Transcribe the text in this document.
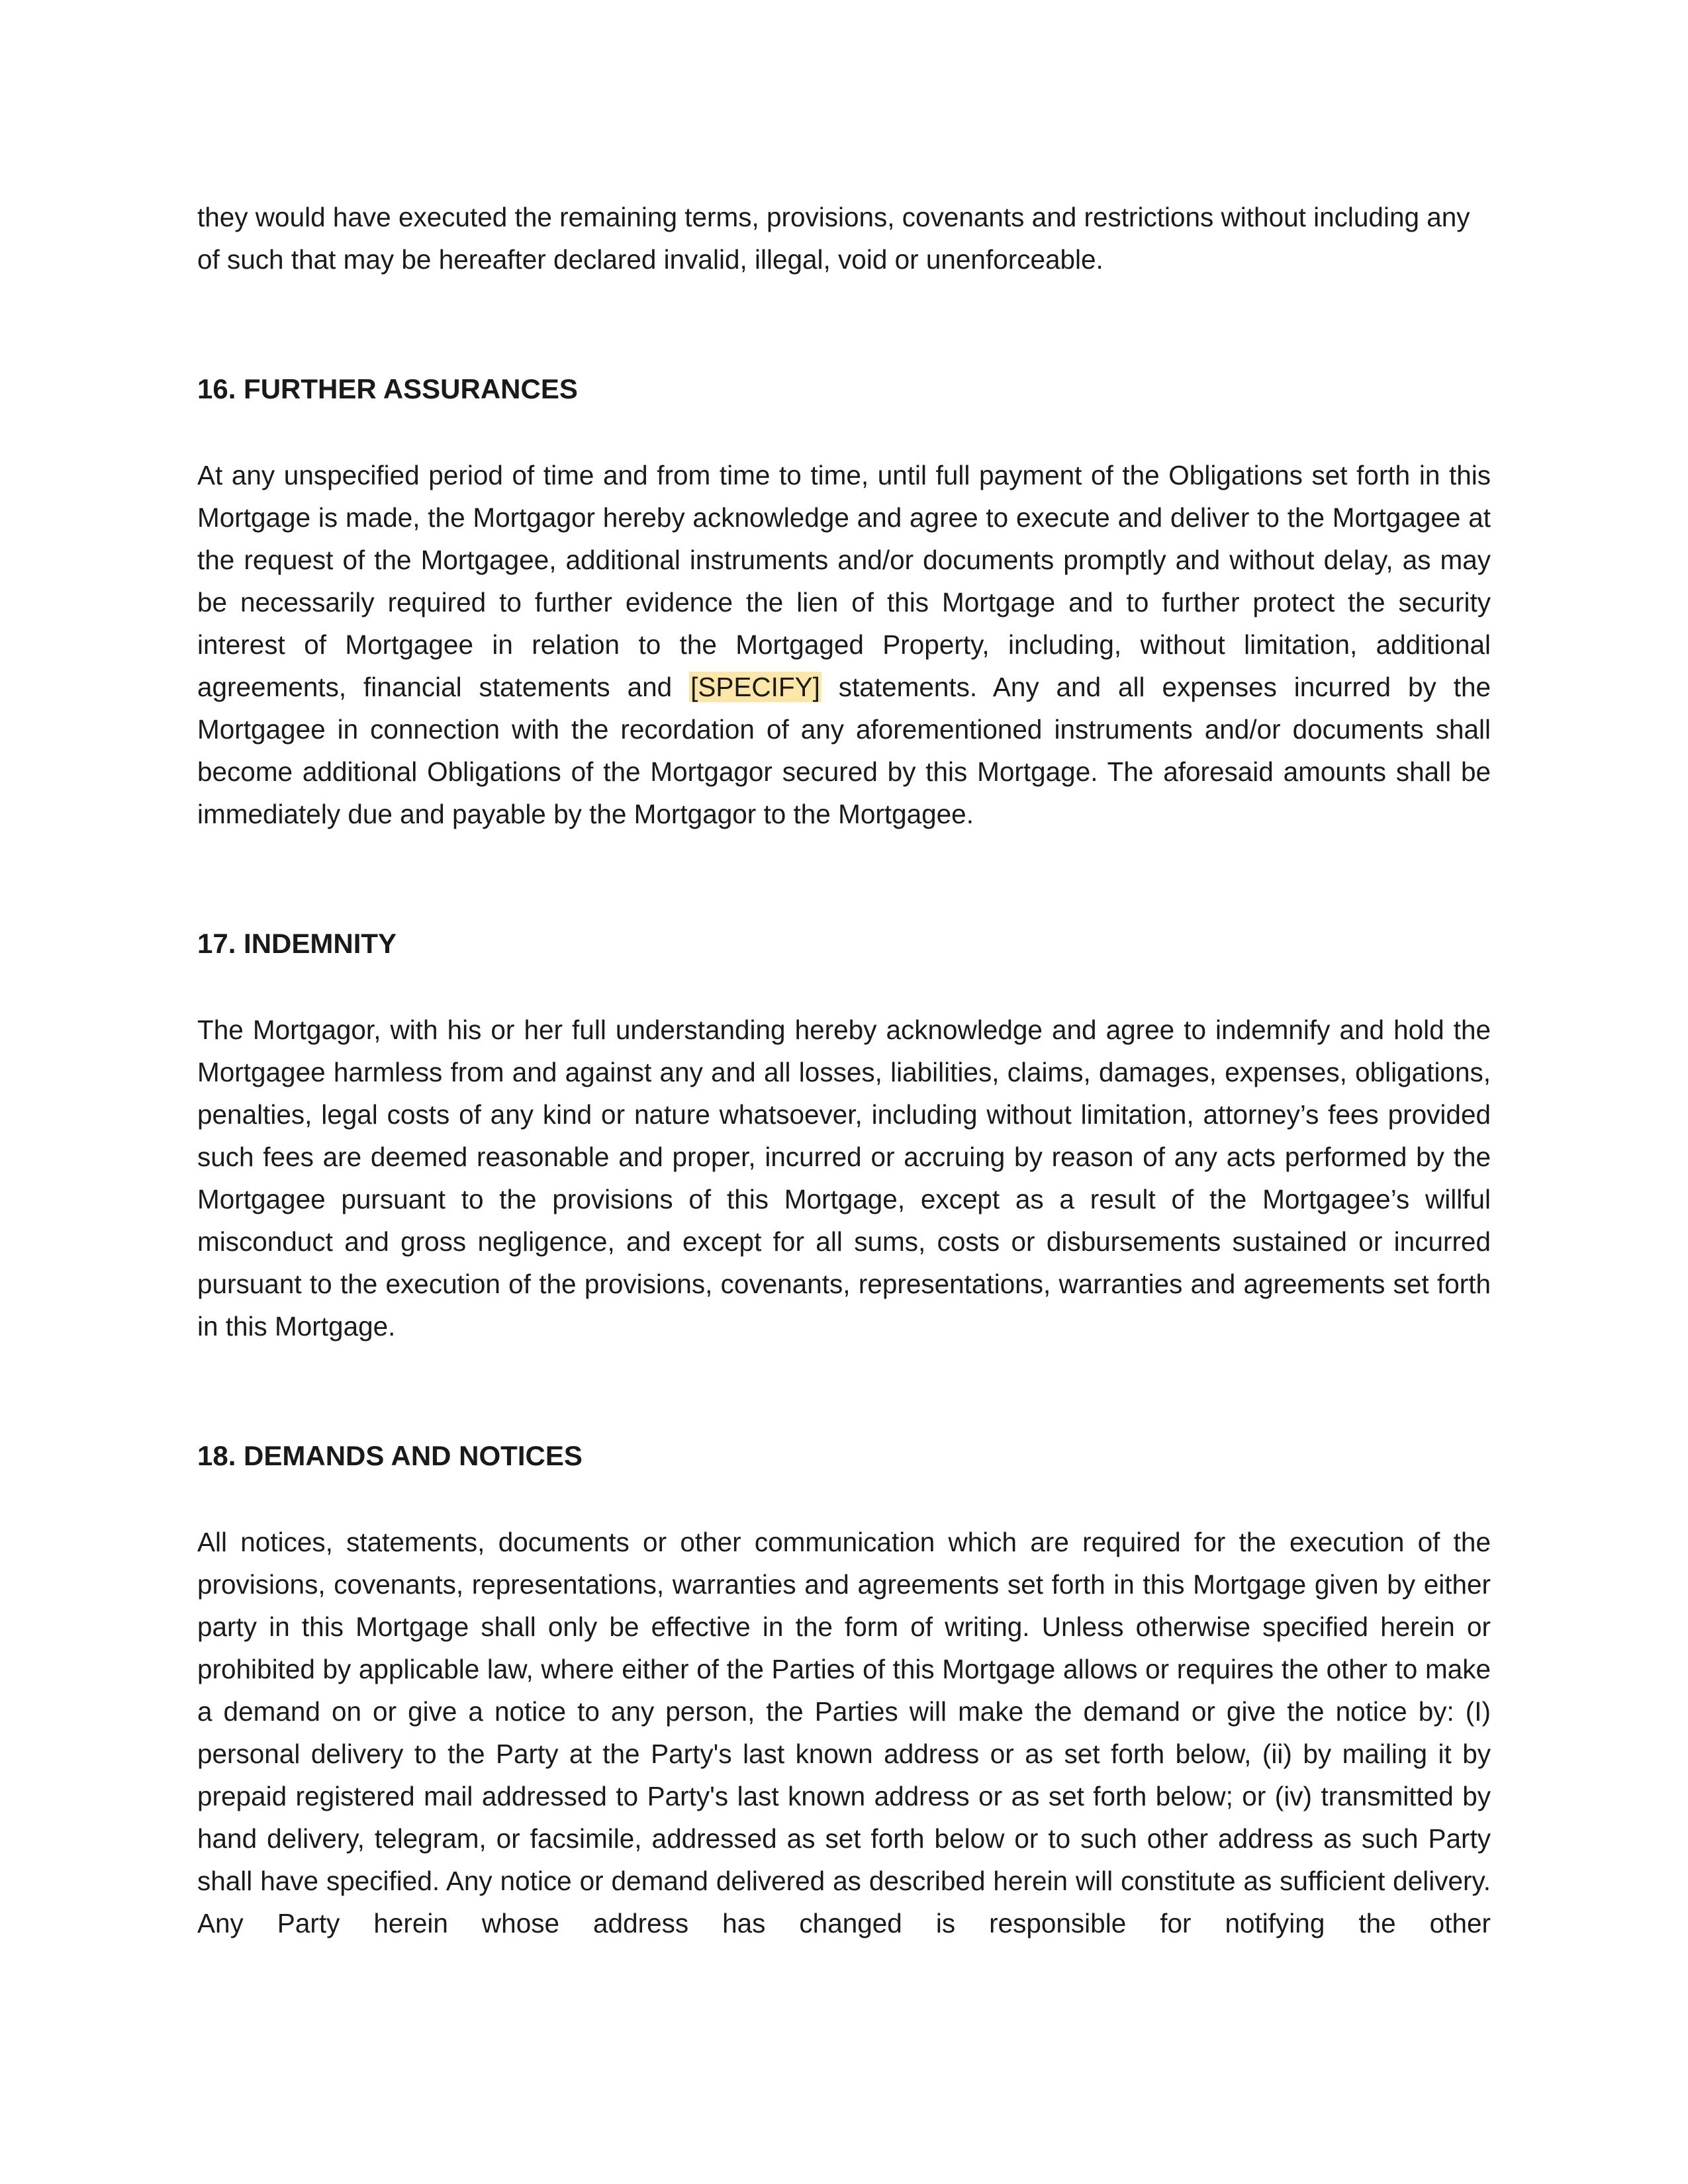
they would have executed the remaining terms, provisions, covenants and restrictions without including any of such that may be hereafter declared invalid, illegal, void or unenforceable.

16. FURTHER ASSURANCES

At any unspecified period of time and from time to time, until full payment of the Obligations set forth in this Mortgage is made, the Mortgagor hereby acknowledge and agree to execute and deliver to the Mortgagee at the request of the Mortgagee, additional instruments and/or documents promptly and without delay, as may be necessarily required to further evidence the lien of this Mortgage and to further protect the security interest of Mortgagee in relation to the Mortgaged Property, including, without limitation, additional agreements, financial statements and [SPECIFY] statements. Any and all expenses incurred by the Mortgagee in connection with the recordation of any aforementioned instruments and/or documents shall become additional Obligations of the Mortgagor secured by this Mortgage. The aforesaid amounts shall be immediately due and payable by the Mortgagor to the Mortgagee.

17. INDEMNITY

The Mortgagor, with his or her full understanding hereby acknowledge and agree to indemnify and hold the Mortgagee harmless from and against any and all losses, liabilities, claims, damages, expenses, obligations, penalties, legal costs of any kind or nature whatsoever, including without limitation, attorney’s fees provided such fees are deemed reasonable and proper, incurred or accruing by reason of any acts performed by the Mortgagee pursuant to the provisions of this Mortgage, except as a result of the Mortgagee’s willful misconduct and gross negligence, and except for all sums, costs or disbursements sustained or incurred pursuant to the execution of the provisions, covenants, representations, warranties and agreements set forth in this Mortgage.

18. DEMANDS AND NOTICES

All notices, statements, documents or other communication which are required for the execution of the provisions, covenants, representations, warranties and agreements set forth in this Mortgage given by either party in this Mortgage shall only be effective in the form of writing. Unless otherwise specified herein or prohibited by applicable law, where either of the Parties of this Mortgage allows or requires the other to make a demand on or give a notice to any person, the Parties will make the demand or give the notice by: (I) personal delivery to the Party at the Party's last known address or as set forth below, (ii) by mailing it by prepaid registered mail addressed to Party's last known address or as set forth below; or (iv) transmitted by hand delivery, telegram, or facsimile, addressed as set forth below or to such other address as such Party shall have specified. Any notice or demand delivered as described herein will constitute as sufficient delivery. Any Party herein whose address has changed is responsible for notifying the other
